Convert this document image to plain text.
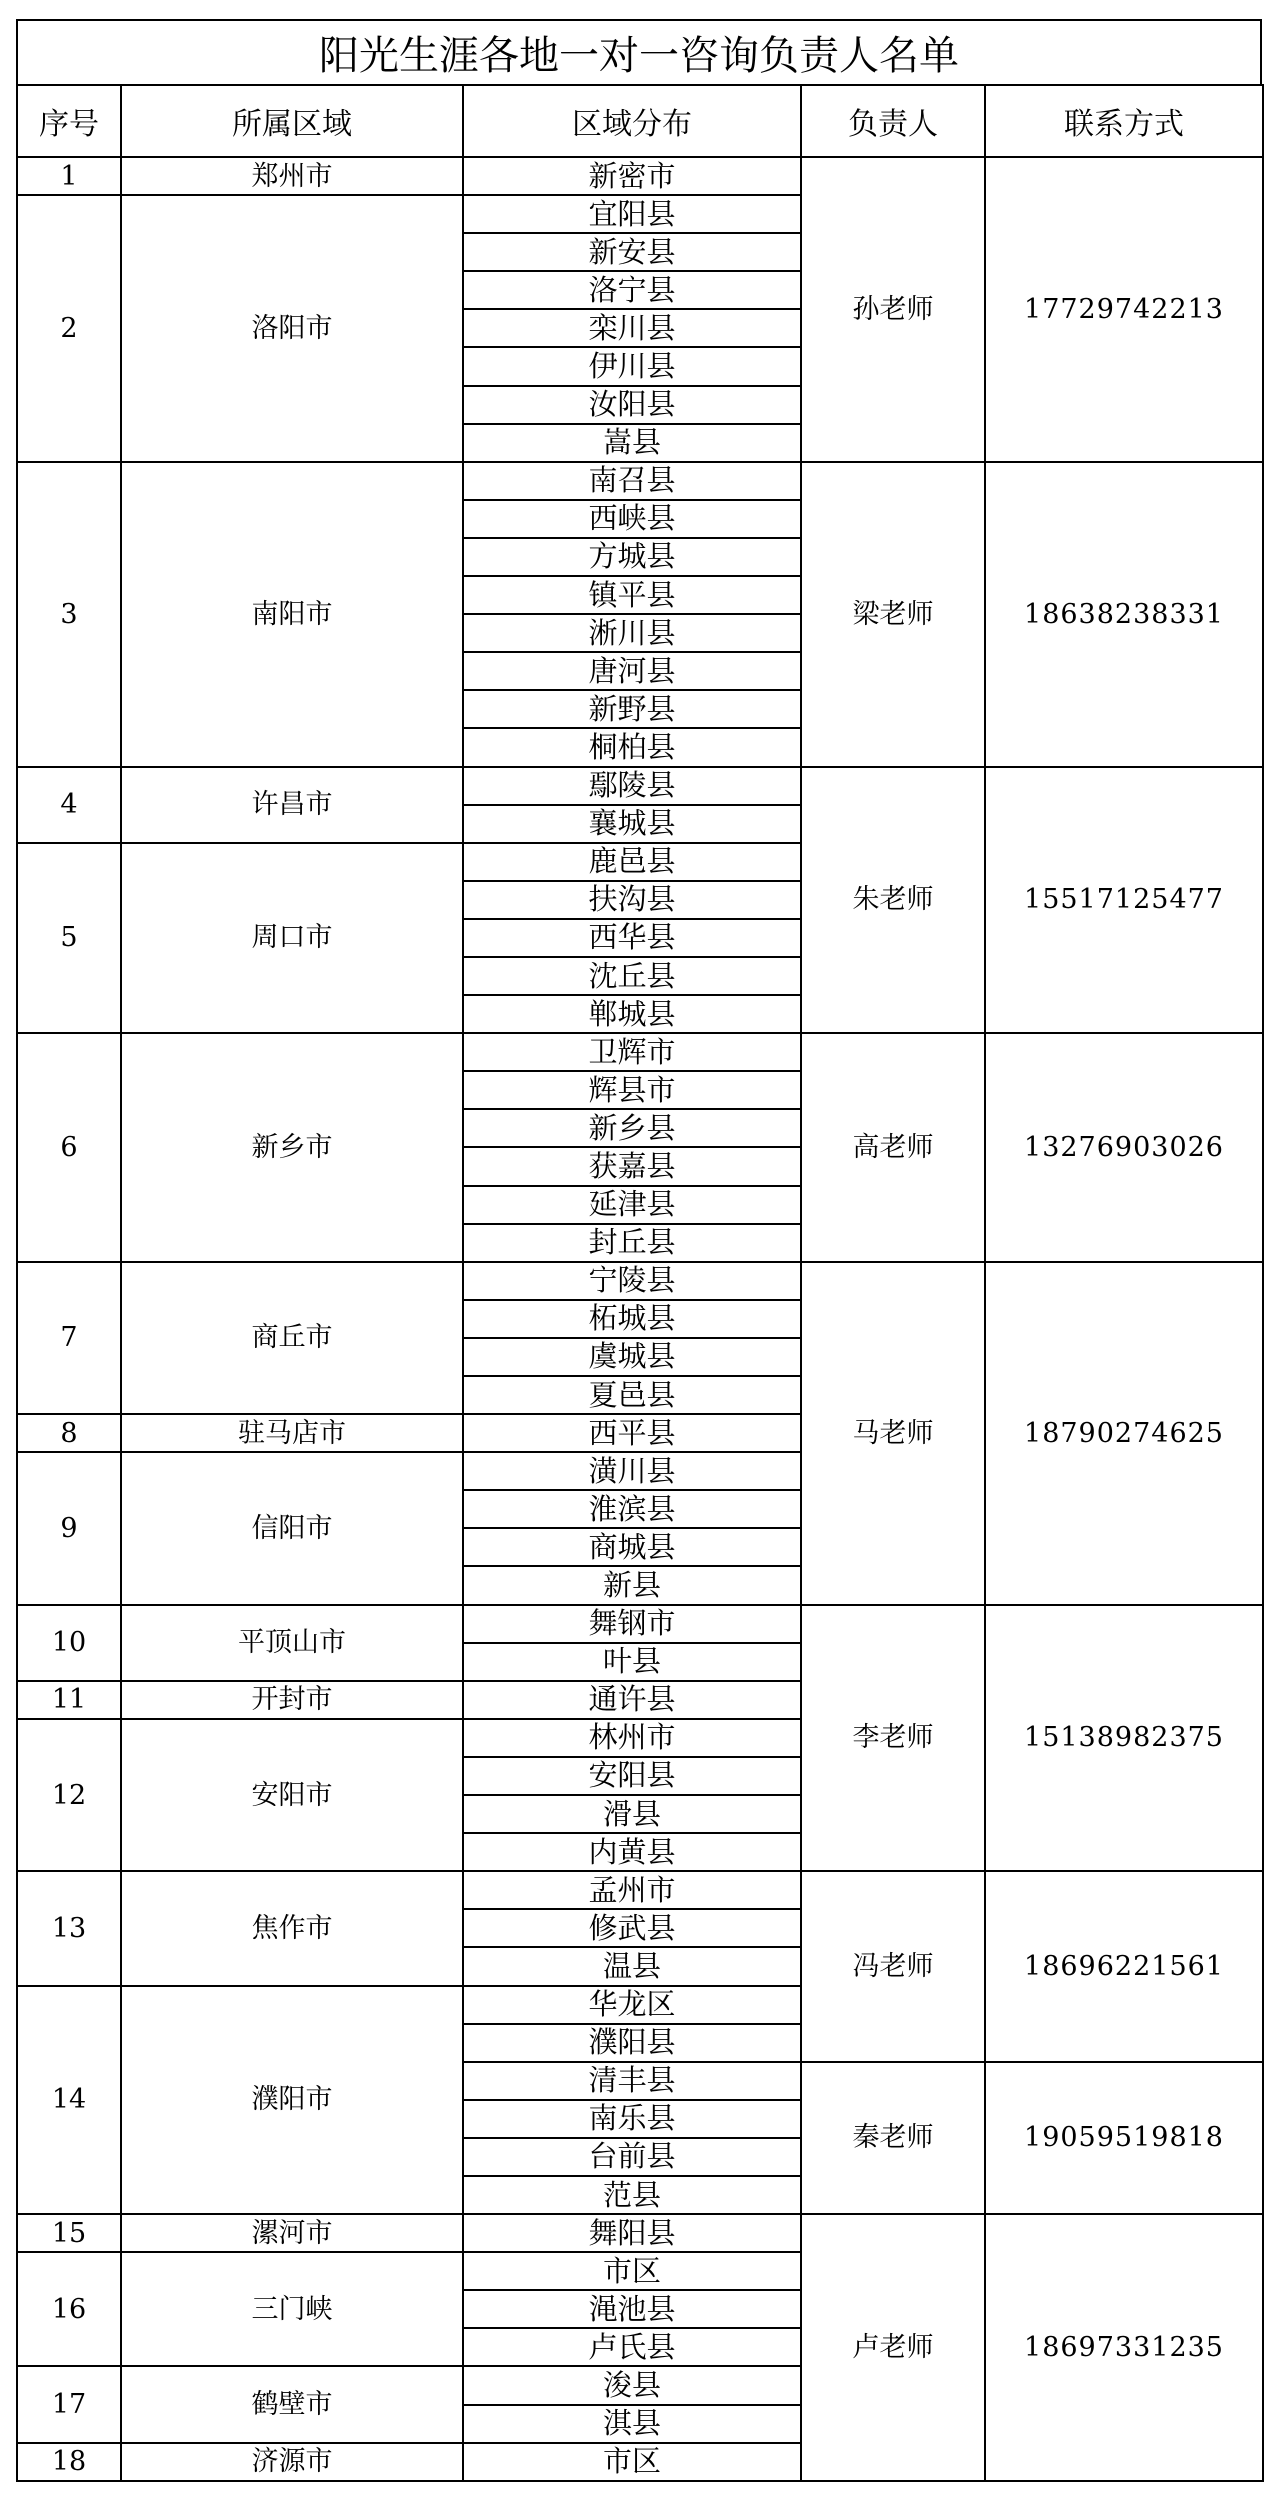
阳光生涯各地一对一咨询负责人名单
序号	所属区域	区域分布	负责人	联系方式
1	郑州市	新密市	孙老师	17729742213
2	洛阳市	宜阳县		
		新安县		
		洛宁县		
		栾川县		
		伊川县		
		汝阳县		
		嵩县		
3	南阳市	南召县	梁老师	18638238331
		西峡县		
		方城县		
		镇平县		
		淅川县		
		唐河县		
		新野县		
		桐柏县		
4	许昌市	鄢陵县	朱老师	15517125477
		襄城县		
5	周口市	鹿邑县		
		扶沟县		
		西华县		
		沈丘县		
		郸城县		
6	新乡市	卫辉市	高老师	13276903026
		辉县市		
		新乡县		
		获嘉县		
		延津县		
		封丘县		
7	商丘市	宁陵县	马老师	18790274625
		柘城县		
		虞城县		
		夏邑县		
8	驻马店市	西平县		
9	信阳市	潢川县		
		淮滨县		
		商城县		
		新县		
10	平顶山市	舞钢市	李老师	15138982375
		叶县		
11	开封市	通许县		
12	安阳市	林州市		
		安阳县		
		滑县		
		内黄县		
13	焦作市	孟州市	冯老师	18696221561
		修武县		
		温县		
14	濮阳市	华龙区		
		濮阳县		
		清丰县	秦老师	19059519818
		南乐县		
		台前县		
		范县		
15	漯河市	舞阳县	卢老师	18697331235
16	三门峡	市区		
		渑池县		
		卢氏县		
17	鹤壁市	浚县		
		淇县		
18	济源市	市区		
